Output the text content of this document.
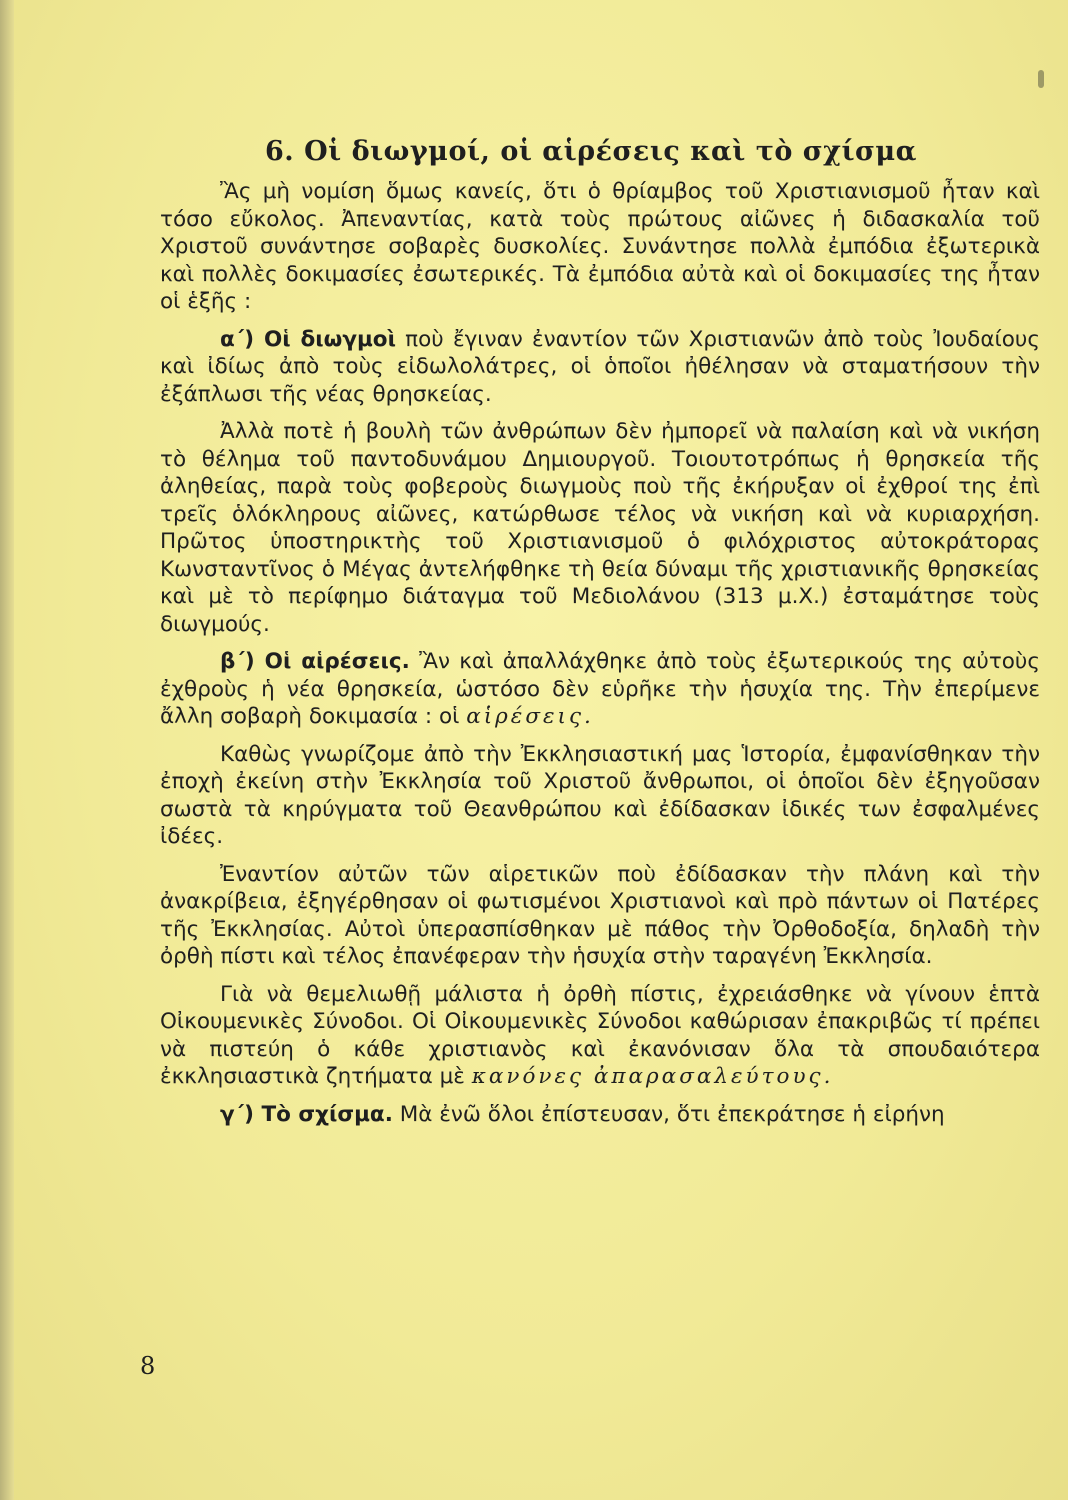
6. Οἱ διωγμοί, οἱ αἱρέσεις καὶ τὸ σχίσμα

Ἂς μὴ νομίση ὅμως κανείς, ὅτι ὁ θρίαμβος τοῦ Χριστιανισμοῦ ἦταν καὶ τόσο εὔκολος. Ἀπεναντίας, κατὰ τοὺς πρώτους αἰῶνες ἡ διδασκαλία τοῦ Χριστοῦ συνάντησε σοβαρὲς δυσκολίες. Συνάντησε πολλὰ ἐμπόδια ἐξωτερικὰ καὶ πολλὲς δοκιμασίες ἐσωτερικές. Τὰ ἐμπόδια αὐτὰ καὶ οἱ δοκιμασίες της ἦταν οἱ ἑξῆς :

α΄) Οἱ διωγμοὶ ποὺ ἔγιναν ἐναντίον τῶν Χριστιανῶν ἀπὸ τοὺς Ἰουδαίους καὶ ἰδίως ἀπὸ τοὺς εἰδωλολάτρες, οἱ ὁποῖοι ἠθέλησαν νὰ σταματήσουν τὴν ἐξάπλωσι τῆς νέας θρησκείας.

Ἀλλὰ ποτὲ ἡ βουλὴ τῶν ἀνθρώπων δὲν ἠμπορεῖ νὰ παλαίση καὶ νὰ νικήση τὸ θέλημα τοῦ παντοδυνάμου Δημιουργοῦ. Τοιουτοτρόπως ἡ θρησκεία τῆς ἀληθείας, παρὰ τοὺς φοβεροὺς διωγμοὺς ποὺ τῆς ἐκήρυξαν οἱ ἐχθροί της ἐπὶ τρεῖς ὁλόκληρους αἰῶνες, κατώρθωσε τέλος νὰ νικήση καὶ νὰ κυριαρχήση. Πρῶτος ὑποστηρικτὴς τοῦ Χριστιανισμοῦ ὁ φιλόχριστος αὐτοκράτορας Κωνσταντῖνος ὁ Μέγας ἀντελήφθηκε τὴ θεία δύναμι τῆς χριστιανικῆς θρησκείας καὶ μὲ τὸ περίφημο διάταγμα τοῦ Μεδιολάνου (313 μ.Χ.) ἐσταμάτησε τοὺς διωγμούς.

β΄) Οἱ αἱρέσεις. Ἂν καὶ ἀπαλλάχθηκε ἀπὸ τοὺς ἐξωτερικούς της αὐτοὺς ἐχθροὺς ἡ νέα θρησκεία, ὡστόσο δὲν εὑρῆκε τὴν ἡσυχία της. Τὴν ἐπερίμενε ἄλλη σοβαρὴ δοκιμασία : οἱ αἱρέσεις.

Καθὼς γνωρίζομε ἀπὸ τὴν Ἐκκλησιαστική μας Ἱστορία, ἐμφανίσθηκαν τὴν ἐποχὴ ἐκείνη στὴν Ἐκκλησία τοῦ Χριστοῦ ἄνθρωποι, οἱ ὁποῖοι δὲν ἐξηγοῦσαν σωστὰ τὰ κηρύγματα τοῦ Θεανθρώπου καὶ ἐδίδασκαν ἰδικές των ἐσφαλμένες ἰδέες.

Ἐναντίον αὐτῶν τῶν αἱρετικῶν ποὺ ἐδίδασκαν τὴν πλάνη καὶ τὴν ἀνακρίβεια, ἐξηγέρθησαν οἱ φωτισμένοι Χριστιανοὶ καὶ πρὸ πάντων οἱ Πατέρες τῆς Ἐκκλησίας. Αὐτοὶ ὑπερασπίσθηκαν μὲ πάθος τὴν Ὀρθοδοξία, δηλαδὴ τὴν ὀρθὴ πίστι καὶ τέλος ἐπανέφεραν τὴν ἡσυχία στὴν ταραγένη Ἐκκλησία.

Γιὰ νὰ θεμελιωθῇ μάλιστα ἡ ὀρθὴ πίστις, ἐχρειάσθηκε νὰ γίνουν ἑπτὰ Οἰκουμενικὲς Σύνοδοι. Οἱ Οἰκουμενικὲς Σύνοδοι καθώρισαν ἐπακριβῶς τί πρέπει νὰ πιστεύη ὁ κάθε χριστιανὸς καὶ ἐκανόνισαν ὅλα τὰ σπουδαιότερα ἐκκλησιαστικὰ ζητήματα μὲ κανόνες ἀπαρασαλεύτους.

γ΄) Τὸ σχίσμα. Μὰ ἐνῶ ὅλοι ἐπίστευσαν, ὅτι ἐπεκράτησε ἡ εἰρήνη

8
